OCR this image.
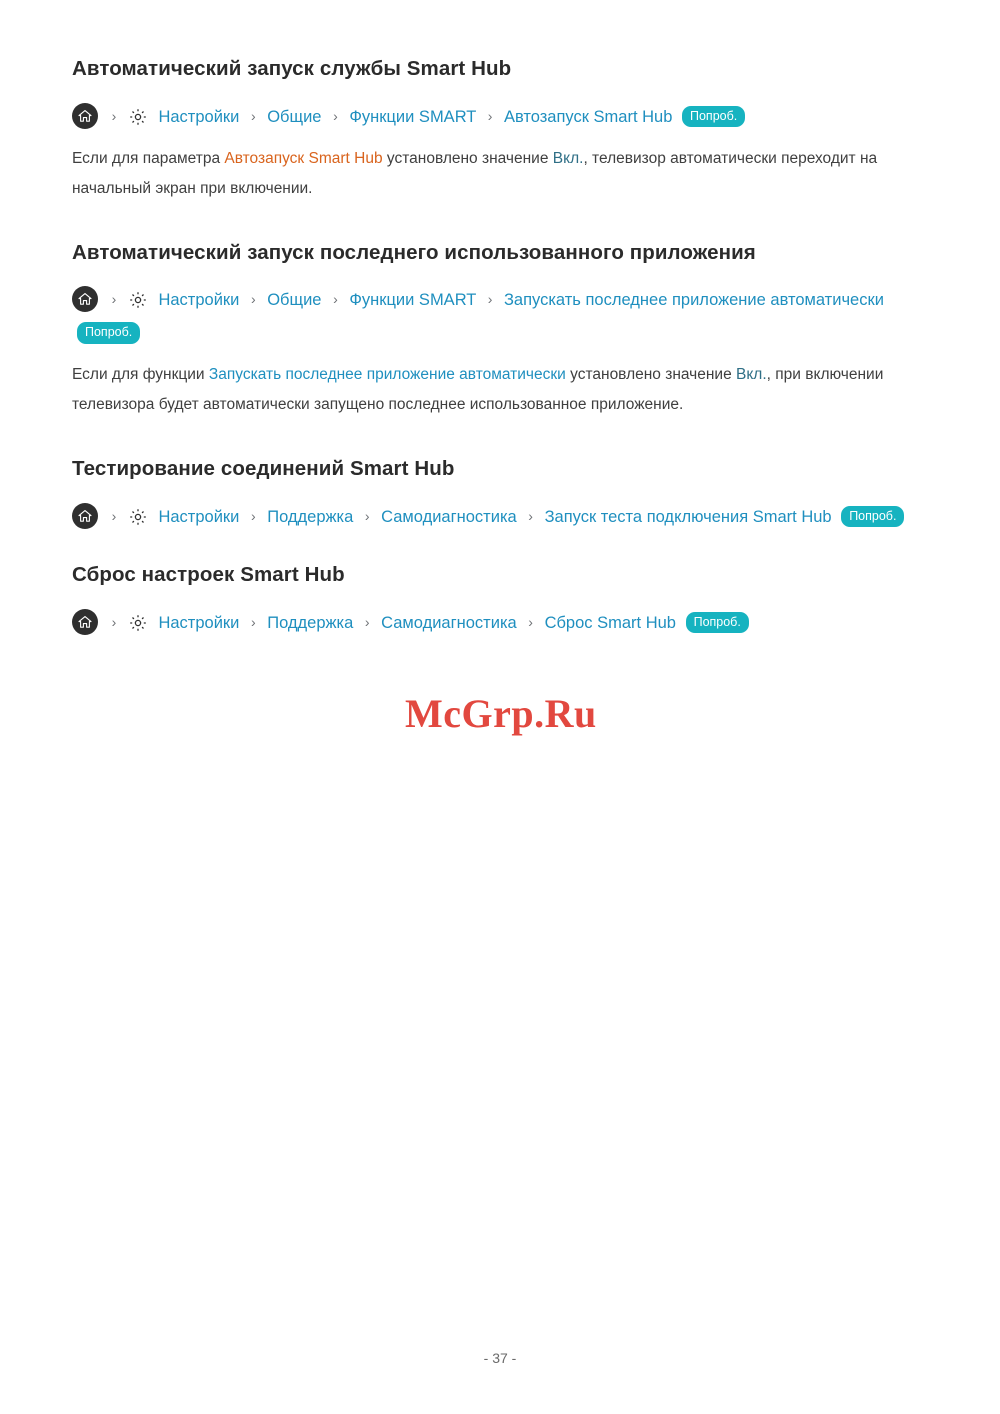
Автоматический запуск службы Smart Hub
›	Настройки › Общие › Функции SMART › Автозапуск Smart Hub Попроб.

Если для параметра Автозапуск Smart Hub установлено значение Вкл., телевизор автоматически переходит на начальный экран при включении.

Автоматический запуск последнего использованного приложения
›	Настройки › Общие › Функции SMART › Запускать последнее приложение автоматически Попроб.

Если для функции Запускать последнее приложение автоматически установлено значение Вкл., при включении телевизора будет автоматически запущено последнее использованное приложение.

Тестирование соединений Smart Hub
›	Настройки › Поддержка › Самодиагностика › Запуск теста подключения Smart Hub Попроб.
Сброс настроек Smart Hub
›	Настройки › Поддержка › Самодиагностика › Сброс Smart Hub Попроб.
McGrp.Ru
- 37 -
